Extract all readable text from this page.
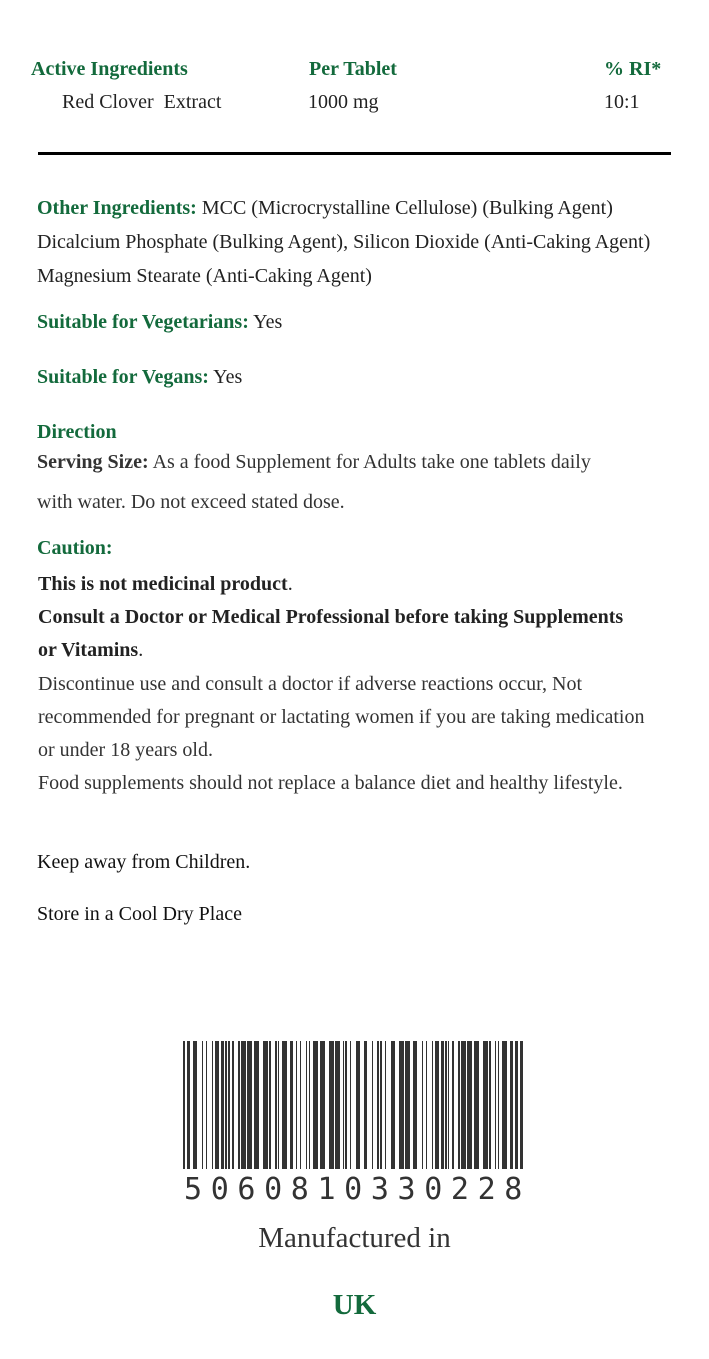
Active Ingredients	Per Tablet	% RI*
Red Clover  Extract	1000 mg	10:1
Other Ingredients: MCC (Microcrystalline Cellulose) (Bulking Agent)
Dicalcium Phosphate (Bulking Agent), Silicon Dioxide (Anti-Caking Agent)
Magnesium Stearate (Anti-Caking Agent)
Suitable for Vegetarians: Yes
Suitable for Vegans: Yes
Direction
Serving Size: As a food Supplement for Adults take one tablets daily
with water. Do not exceed stated dose.
Caution:
This is not medicinal product.
Consult a Doctor or Medical Professional before taking Supplements
or Vitamins.
Discontinue use and consult a doctor if adverse reactions occur, Not
recommended for pregnant or lactating women if you are taking medication
or under 18 years old.
Food supplements should not replace a balance diet and healthy lifestyle.
Keep away from Children.
Store in a Cool Dry Place
5 0 6 0 8 1 0 3 3 0 2 2 8
Manufactured in
UK
